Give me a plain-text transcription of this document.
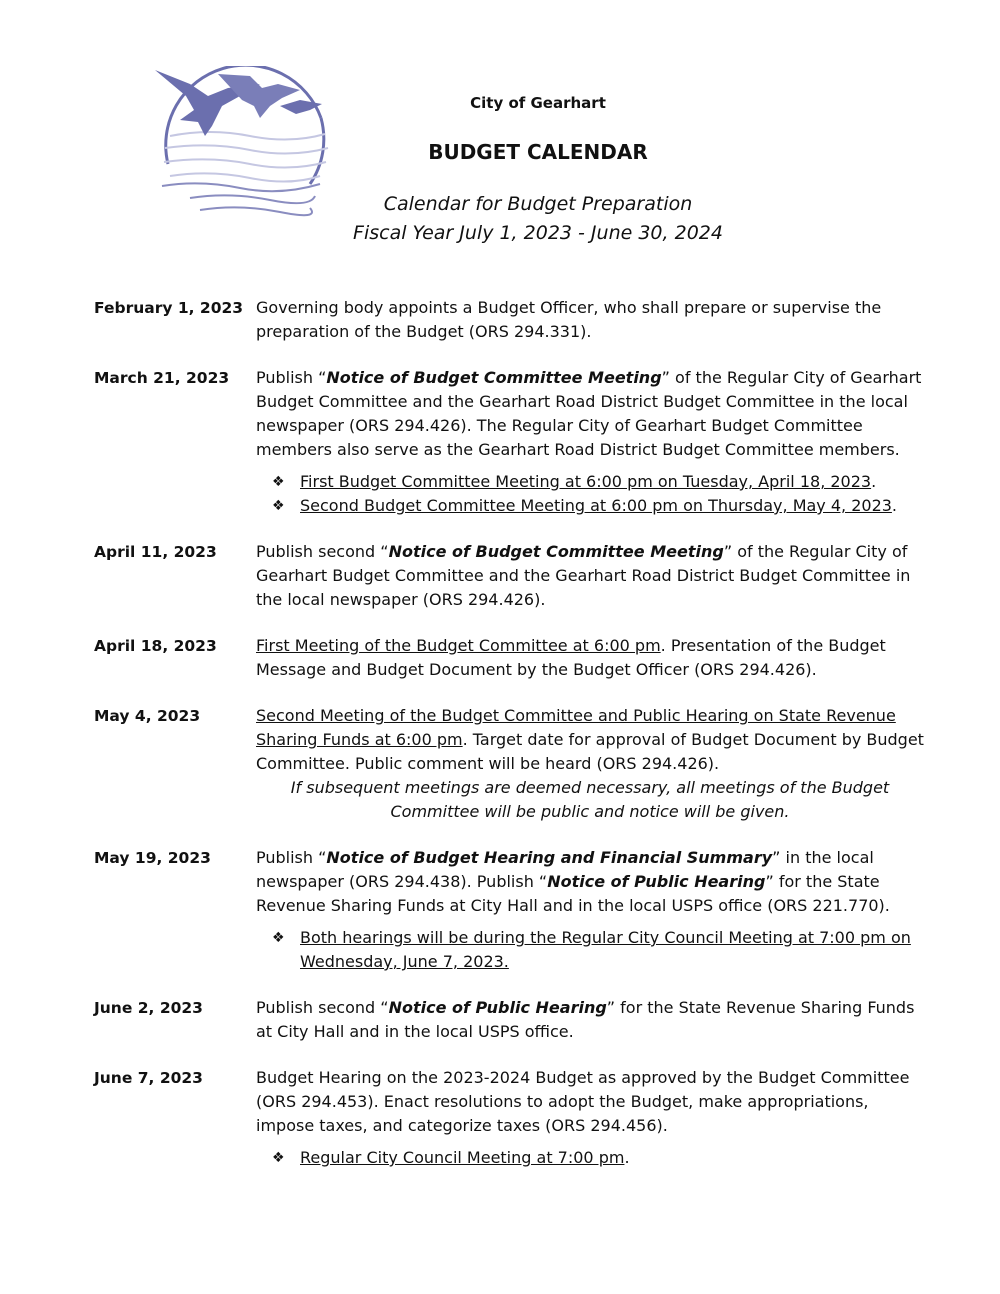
City of Gearhart
BUDGET CALENDAR
Calendar for Budget Preparation
Fiscal Year July 1, 2023 - June 30, 2024
February 1, 2023 Governing body appoints a Budget Officer, who shall prepare or supervise the preparation of the Budget (ORS 294.331).

March 21, 2023	Publish “Notice of Budget Committee Meeting” of the Regular City of Gearhart Budget Committee and the Gearhart Road District Budget Committee in the local newspaper (ORS 294.426). The Regular City of Gearhart Budget Committee members also serve as the Gearhart Road District Budget Committee members.

❖ First Budget Committee Meeting at 6:00 pm on Tuesday, April 18, 2023.
❖ Second Budget Committee Meeting at 6:00 pm on Thursday, May 4, 2023.
April 11, 2023	Publish second “Notice of Budget Committee Meeting” of the Regular City of Gearhart Budget Committee and the Gearhart Road District Budget Committee in the local newspaper (ORS 294.426).

April 18, 2023	First Meeting of the Budget Committee at 6:00 pm. Presentation of the Budget Message and Budget Document by the Budget Officer (ORS 294.426).

May 4, 2023	Second Meeting of the Budget Committee and Public Hearing on State Revenue Sharing Funds at 6:00 pm. Target date for approval of Budget Document by Budget Committee. Public comment will be heard (ORS 294.426).

If subsequent meetings are deemed necessary, all meetings of the Budget Committee will be public and notice will be given.

May 19, 2023	Publish “Notice of Budget Hearing and Financial Summary” in the local newspaper (ORS 294.438). Publish “Notice of Public Hearing” for the State Revenue Sharing Funds at City Hall and in the local USPS office (ORS 221.770).

❖ Both hearings will be during the Regular City Council Meeting at 7:00 pm on Wednesday, June 7, 2023.
June 2, 2023	Publish second “Notice of Public Hearing” for the State Revenue Sharing Funds at City Hall and in the local USPS office.

June 7, 2023	Budget Hearing on the 2023-2024 Budget as approved by the Budget Committee (ORS 294.453). Enact resolutions to adopt the Budget, make appropriations, impose taxes, and categorize taxes (ORS 294.456).

❖ Regular City Council Meeting at 7:00 pm.
